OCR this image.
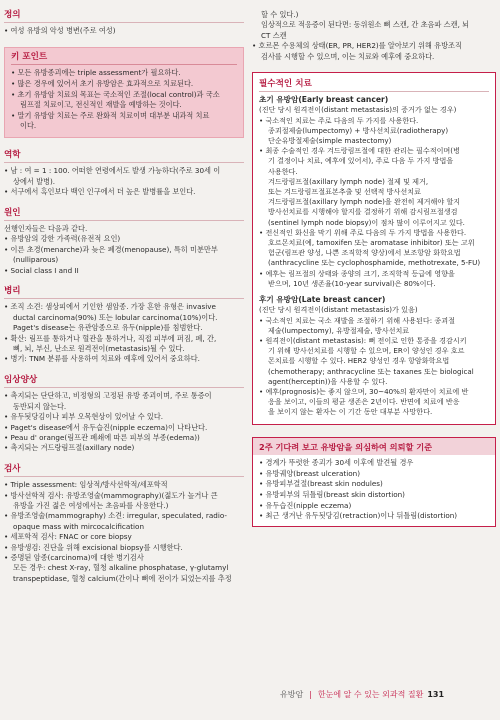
정의
• 여성 유방의 악성 병변(주로 여성)
키 포인트
• 모든 유방종괴에는 triple assessment가 필요하다.
• 많은 경우에 있어서 초기 유방암은 효과적으로 치료된다.
• 초기 유방암 치료의 목표는 국소적인 조절(local control)과 국소
림프절 치료이고, 전신적인 재발을 예방하는 것이다.
• 말기 유방암 치료는 주로 완화적 치료이며 대부분 내과적 치료
이다.
역학
• 남 : 여 = 1 : 100. 어떠한 연령에서도 발생 가능하다(주로 30세 이
상에서 발병).
• 서구에서 흑인보다 백인 인구에서 더 높은 발병률을 보인다.
원인
선행인자들은 다음과 같다.
• 유방암의 강한 가족력(유전적 요인)
• 이른 초경(menarche)과 늦은 폐경(menopause), 특히 미분만부
(nulliparous)
• Social class I and II
병리
• 조직 소견: 샘상피에서 기인한 샘암종. 가장 흔한 유형은 invasive
ductal carcinoma(90%) 또는 lobular carcinoma(10%)이다.
Paget's disease는 유관암종으로 유두(nipple)를 침범한다.
• 확산: 림프를 통하거나 혈관을 통하거나, 직접 피부에 퍼짐, 폐, 간,
뼈, 뇌, 부신, 난소로 원격전이(metastasis)될 수 있다.
• 병기: TNM 분류를 사용하여 치료와 예후에 있어서 중요하다.
임상양상
• 촉지되는 단단하고, 비정형의 고정된 유방 종괴이며, 주로 통증이
동반되지 않는다.
• 유두됫당김이나 피부 오목현상이 있어날 수 있다.
• Paget's disease에서 유두습진(nipple eczema)이 나타난다.
• Peau d' orange(림프관 폐쇄에 따른 피부의 부종(edema))
• 촉지되는 겨드랑림프절(axillary node)
검사
• Triple assessment: 임상적/방사선학적/세포학적
• 방사선학적 검사: 유방조영술(mammography)(젊도가 높거나 큰
유방을 가진 젊은 여성에서는 초음파를 사용한다.)
• 유방조영술(mammography) 소견: irregular, speculated, radio-
opaque mass with mircocalcification
• 세포학적 검사: FNAC or core biopsy
• 유방생검: 진단을 위해 excisional biopsy를 시행한다.
• 증명된 암종(carcinoma)에 대한 병기검사
모든 경우: chest X-ray, 혈청 alkaline phosphatase, γ-glutamyl
transpeptidase, 혈청 calcium(간이나 뼈에 전이가 되었는지를 추정
할 수 있다.)
임상적으로 적응증이 된다면: 동위원소 뼈 스캔, 간 초음파 스캔, 뇌
CT 스캔
• 호르몬 수용체의 상태(ER, PR, HER2)를 알아보기 위해 유방조직
검사를 시행할 수 있으며, 이는 치료와 예후에 중요하다.
필수적인 치료
초기 유방암(Early breast cancer)
(진단 당시 원격전이(distant metastasis)의 증거가 없는 경우)
• 국소적인 치료는 주로 다음의 두 가지를 사용한다.
종괴절제술(lumpectomy) + 방사선치료(radiotherapy)
단순유방절제술(simple mastectomy)
• 최종 수술적인 경우 겨드랑림프절에 대한 관리는 필수적이며(병
기 결정이나 치료, 예후에 있어서), 주로 다음 두 가지 방법을
사용한다.
겨드랑림프절(axillary lymph node) 절제 및 제거,
또는 겨드랑림프절표본추출 및 선택적 방사선치료
겨드랑림프절(axillary lymph node)을 완전히 제거해야 할지
방사선치료를 시행해야 할지를 결정하기 위해 감시림프절생검
(sentinel lymph node biopsy)이 점차 많이 이루어지고 있다.
• 전신적인 화신을 막기 위해 주로 다음의 두 가지 방법을 사용한다.
호르몬치료(예, tamoxifen 또는 aromatase inhibitor) 또는 고위
험군(림프관 양성, 나쁜 조직학적 양상)에서 보조항암 화학요법
(anthracycline 또는 cyclophosphamide, methotrexate, 5-FU)
• 예후는 림프절의 상태와 종양의 크기, 조직학적 등급에 영향을
받으며, 10년 생존율(10-year survival)은 80%이다.
후기 유방암(Late breast cancer)
(진단 당시 원격전이(distant metastasis)가 있음)
• 국소적인 치료는 국소 재발을 조절하기 위해 사용된다: 종괴절
제술(lumpectomy), 유방절제술, 방사선치료
• 원격전이(distant metastasis): 뼈 전이로 인한 통증을 경감시키
기 위해 방사선치료를 시행할 수 있으며, ER이 양성인 경우 호르
몬치료를 시행할 수 있다. HER2 양성인 경우 항암화학요법
(chemotherapy; anthracycline 또는 taxanes 또는 biological
agent(herceptin))을 사용할 수 있다.
• 예후(prognosis)는 좋지 않으며, 30~40%의 환자만이 치료에 반
응을 보이고, 이들의 평균 생존은 2년이다. 반면에 치료에 반응
을 보이지 않는 환자는 이 기간 동안 대부분 사망한다.
2주 기다려 보고 유방암을 의심하여 의뢰할 기준
• 경계가 뚜렷한 종괴가 30세 이후에 발견될 경우
• 유방궤양(breast ulceration)
• 유방피부결절(breast skin nodules)
• 유방피부의 뒤틀림(breast skin distortion)
• 유두습진(nipple eczema)
• 최근 생겨난 유두됫당김(retraction)이나 뒤틀림(distortion)
유방암 | 한눈에 알 수 있는 외과적 질환 131
